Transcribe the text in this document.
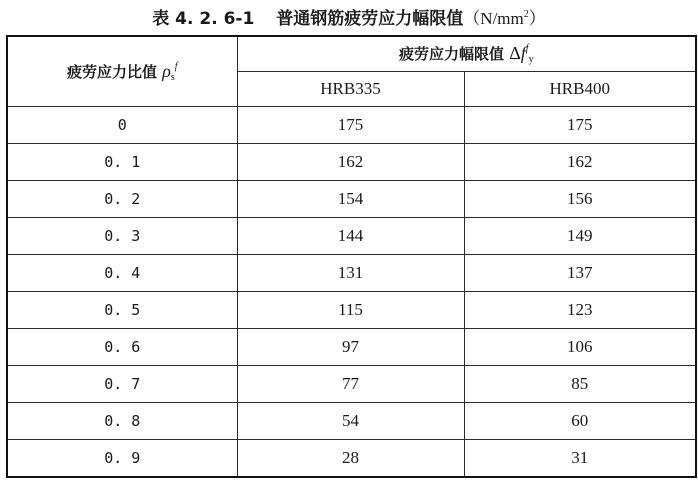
表 4. 2. 6-1 普通钢筋疲劳应力幅限值$(N/mm^2)$
疲劳应力比值 $\rho_s^f$	疲劳应力幅限值 $\Delta f^f_y$
	HRB335	HRB400
0	175	175
0. 1	162	162
0. 2	154	156
0. 3	144	149
0. 4	131	137
0. 5	115	123
0. 6	97	106
0. 7	77	85
0. 8	54	60
0. 9	28	31
